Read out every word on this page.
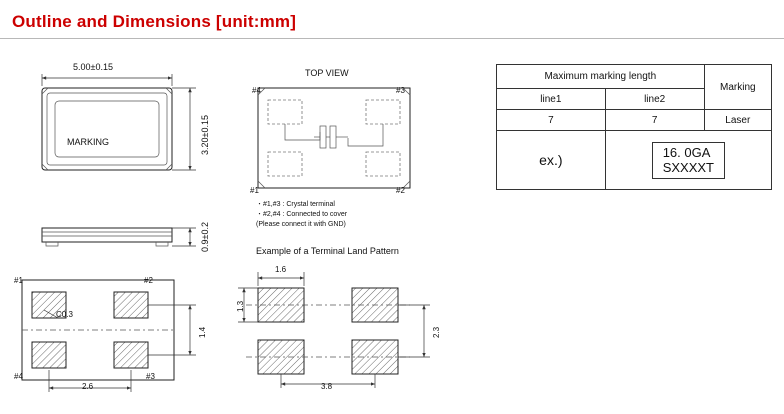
Outline and Dimensions [unit:mm]
5.00±0.15
3.20±0.15
0.9±0.2
MARKING
TOP VIEW
#4	#3
#1	#2
・#1,#3 : Crystal terminal
・#2,#4 : Connected to cover
(Please connect it with GND)
#1	#2
#3
#4
C0.3
2.6
1.4
Example of a Terminal Land Pattern
1.6
1.3
3.8
2.3
Maximum marking length		Marking
line1	line2	
7	7	Laser
ex.)	16. 0GA
SXXXXT	
